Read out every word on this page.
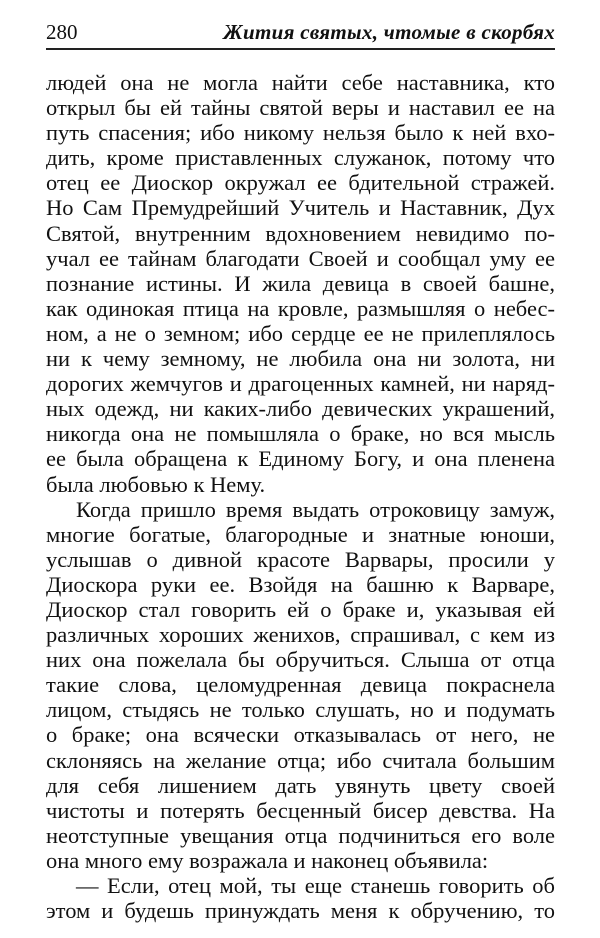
280	Жития святых, чтомые в скорбях
людей она не могла найти себе наставника, кто
открыл бы ей тайны святой веры и наставил ее на
путь спасения; ибо никому нельзя было к ней вхо-
дить, кроме приставленных служанок, потому что
отец ее Диоскор окружал ее бдительной стражей.
Но Сам Премудрейший Учитель и Наставник, Дух
Святой, внутренним вдохновением невидимо по-
учал ее тайнам благодати Своей и сообщал уму ее
познание истины. И жила девица в своей башне,
как одинокая птица на кровле, размышляя о небес-
ном, а не о земном; ибо сердце ее не прилеплялось
ни к чему земному, не любила она ни золота, ни
дорогих жемчугов и драгоценных камней, ни наряд-
ных одежд, ни каких-либо девических украшений,
никогда она не помышляла о браке, но вся мысль
ее была обращена к Единому Богу, и она пленена
была любовью к Нему.
Когда пришло время выдать отроковицу замуж,
многие богатые, благородные и знатные юноши,
услышав о дивной красоте Варвары, просили у
Диоскора руки ее. Взойдя на башню к Варваре,
Диоскор стал говорить ей о браке и, указывая ей
различных хороших женихов, спрашивал, с кем из
них она пожелала бы обручиться. Слыша от отца
такие слова, целомудренная девица покраснела
лицом, стыдясь не только слушать, но и подумать
о браке; она всячески отказывалась от него, не
склоняясь на желание отца; ибо считала большим
для себя лишением дать увянуть цвету своей
чистоты и потерять бесценный бисер девства. На
неотступные увещания отца подчиниться его воле
она много ему возражала и наконец объявила:
— Если, отец мой, ты еще станешь говорить об
этом и будешь принуждать меня к обручению, то
